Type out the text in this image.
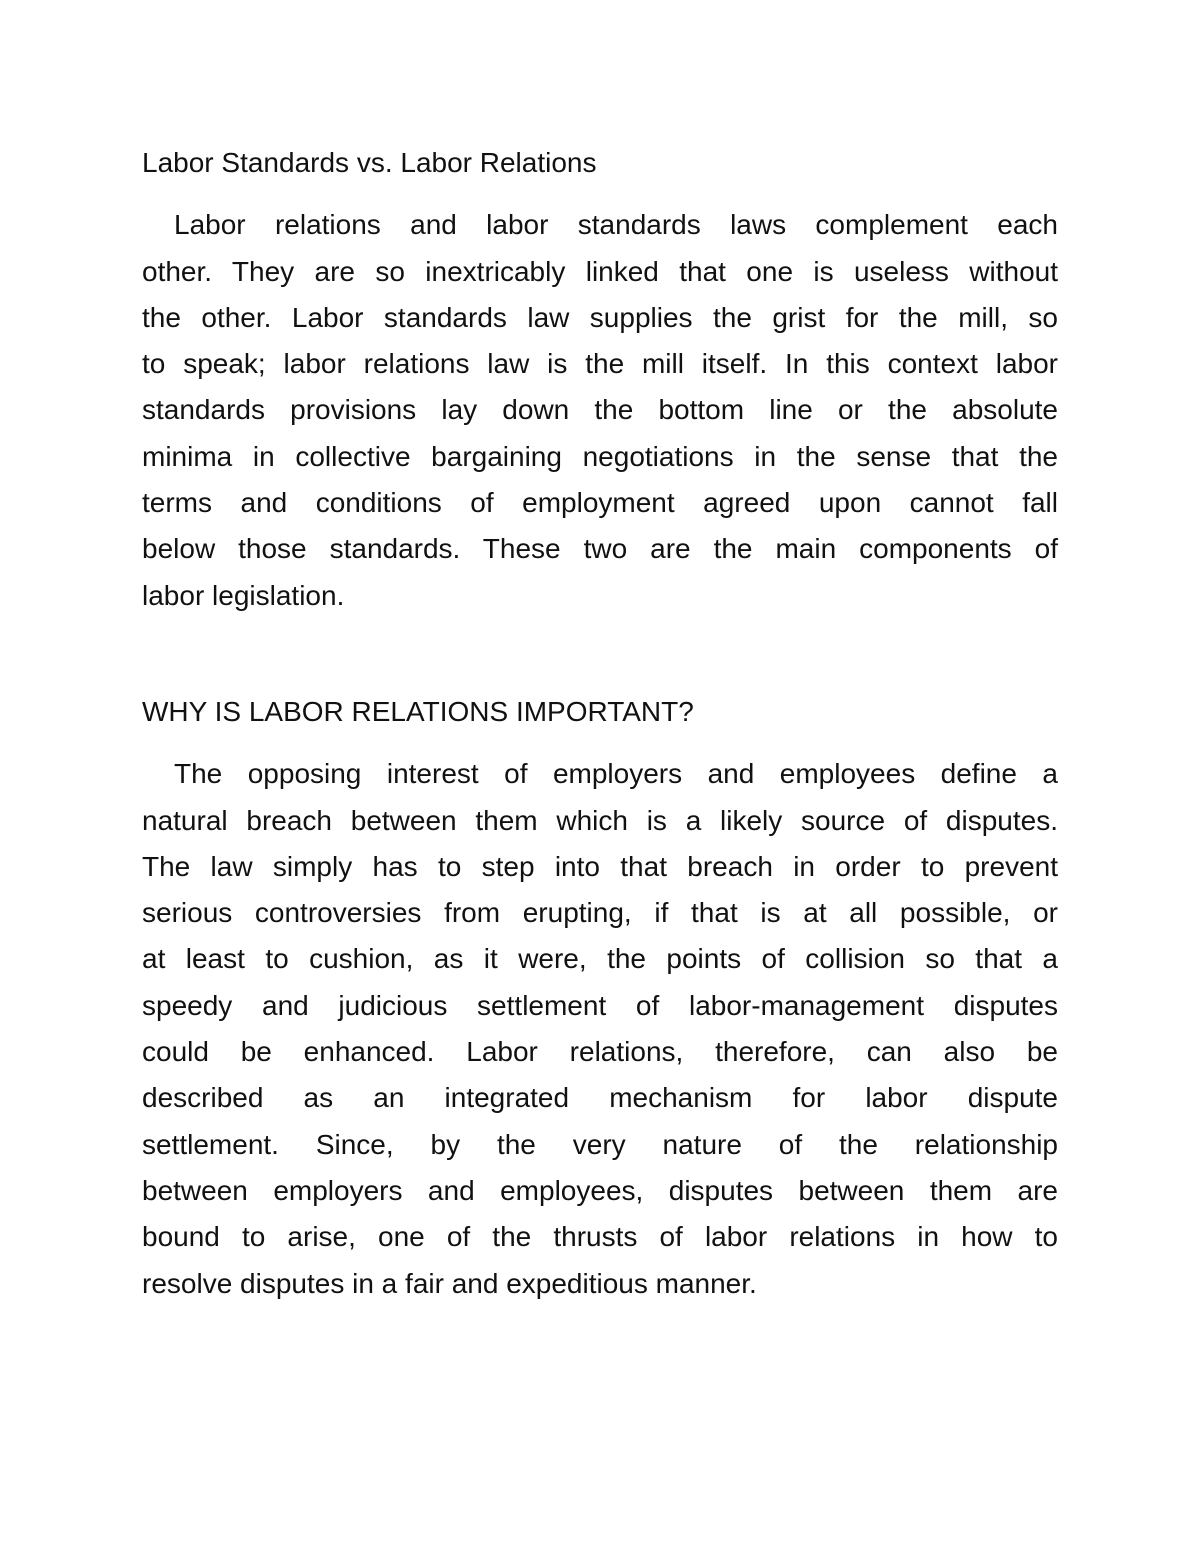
Labor Standards vs. Labor Relations
Labor relations and labor standards laws complement each
other. They are so inextricably linked that one is useless without
the other. Labor standards law supplies the grist for the mill, so
to speak; labor relations law is the mill itself. In this context labor
standards provisions lay down the bottom line or the absolute
minima in collective bargaining negotiations in the sense that the
terms and conditions of employment agreed upon cannot fall
below those standards. These two are the main components of
labor legislation.
WHY IS LABOR RELATIONS IMPORTANT?
The opposing interest of employers and employees define a
natural breach between them which is a likely source of disputes.
The law simply has to step into that breach in order to prevent
serious controversies from erupting, if that is at all possible, or
at least to cushion, as it were, the points of collision so that a
speedy and judicious settlement of labor-management disputes
could be enhanced. Labor relations, therefore, can also be
described as an integrated mechanism for labor dispute
settlement. Since, by the very nature of the relationship
between employers and employees, disputes between them are
bound to arise, one of the thrusts of labor relations in how to
resolve disputes in a fair and expeditious manner.
